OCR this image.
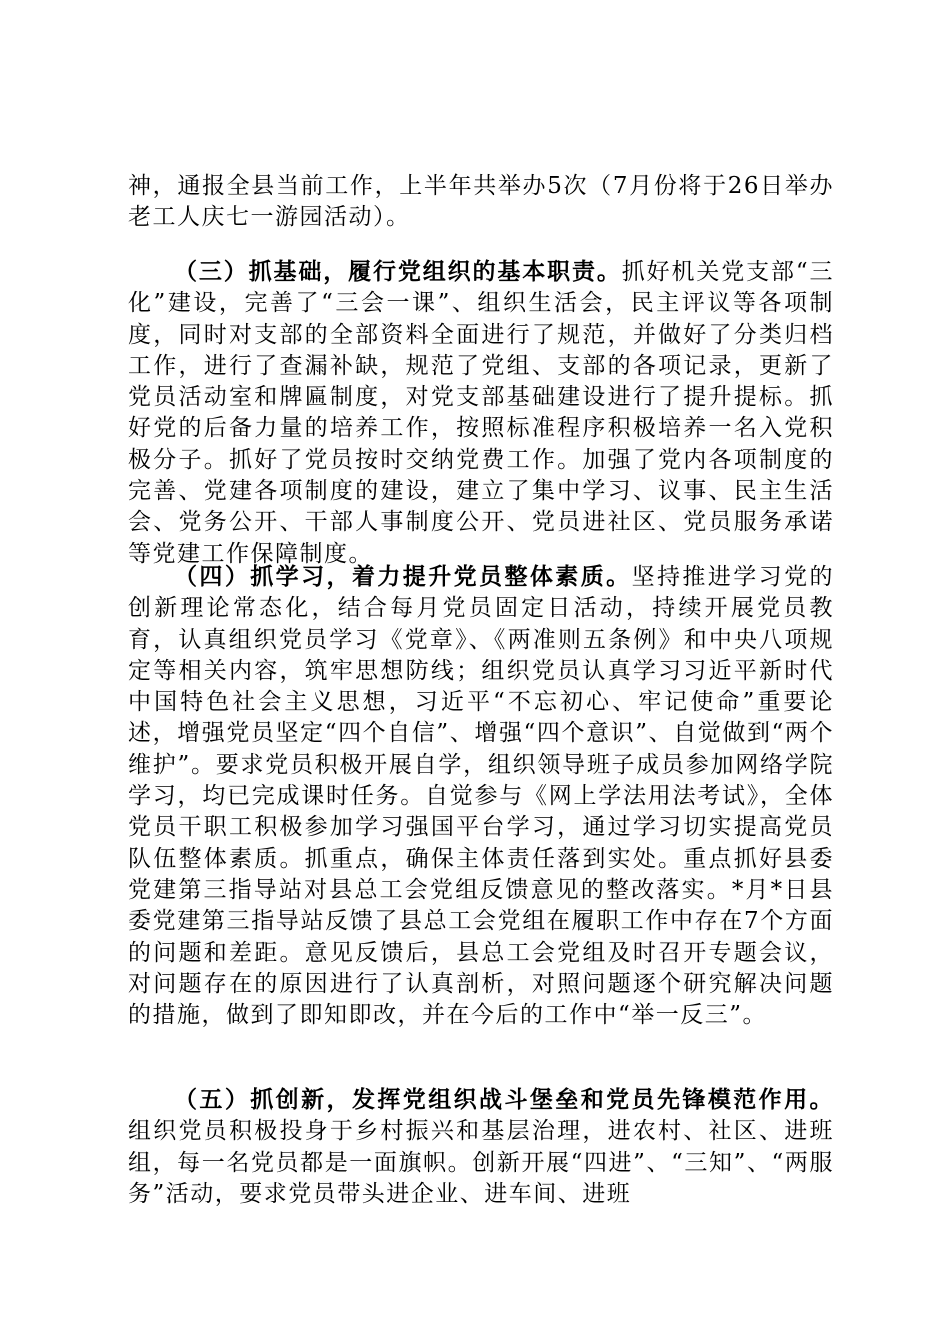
神，通报全县当前工作，上半年共举办5次（7月份将于26日举办老工人庆七一游园活动）。

（三）抓基础，履行党组织的基本职责。抓好机关党支部“三化”建设，完善了“三会一课”、组织生活会，民主评议等各项制度，同时对支部的全部资料全面进行了规范，并做好了分类归档工作，进行了查漏补缺，规范了党组、支部的各项记录，更新了党员活动室和牌匾制度，对党支部基础建设进行了提升提标。抓好党的后备力量的培养工作，按照标准程序积极培养一名入党积极分子。抓好了党员按时交纳党费工作。加强了党内各项制度的完善、党建各项制度的建设，建立了集中学习、议事、民主生活会、党务公开、干部人事制度公开、党员进社区、党员服务承诺等党建工作保障制度。

（四）抓学习，着力提升党员整体素质。坚持推进学习党的创新理论常态化，结合每月党员固定日活动，持续开展党员教育，认真组织党员学习《党章》、《两准则五条例》和中央八项规定等相关内容，筑牢思想防线；组织党员认真学习习近平新时代中国特色社会主义思想，习近平“不忘初心、牢记使命”重要论述，增强党员坚定“四个自信”、增强“四个意识”、自觉做到“两个维护”。要求党员积极开展自学，组织领导班子成员参加网络学院学习，均已完成课时任务。自觉参与《网上学法用法考试》，全体党员干职工积极参加学习强国平台学习，通过学习切实提高党员队伍整体素质。抓重点，确保主体责任落到实处。重点抓好县委党建第三指导站对县总工会党组反馈意见的整改落实。*月*日县委党建第三指导站反馈了县总工会党组在履职工作中存在7个方面的问题和差距。意见反馈后，县总工会党组及时召开专题会议，对问题存在的原因进行了认真剖析，对照问题逐个研究解决问题的措施，做到了即知即改，并在今后的工作中“举一反三”。

（五）抓创新，发挥党组织战斗堡垒和党员先锋模范作用。组织党员积极投身于乡村振兴和基层治理，进农村、社区、进班组，每一名党员都是一面旗帜。创新开展“四进”、“三知”、“两服务”活动，要求党员带头进企业、进车间、进班
